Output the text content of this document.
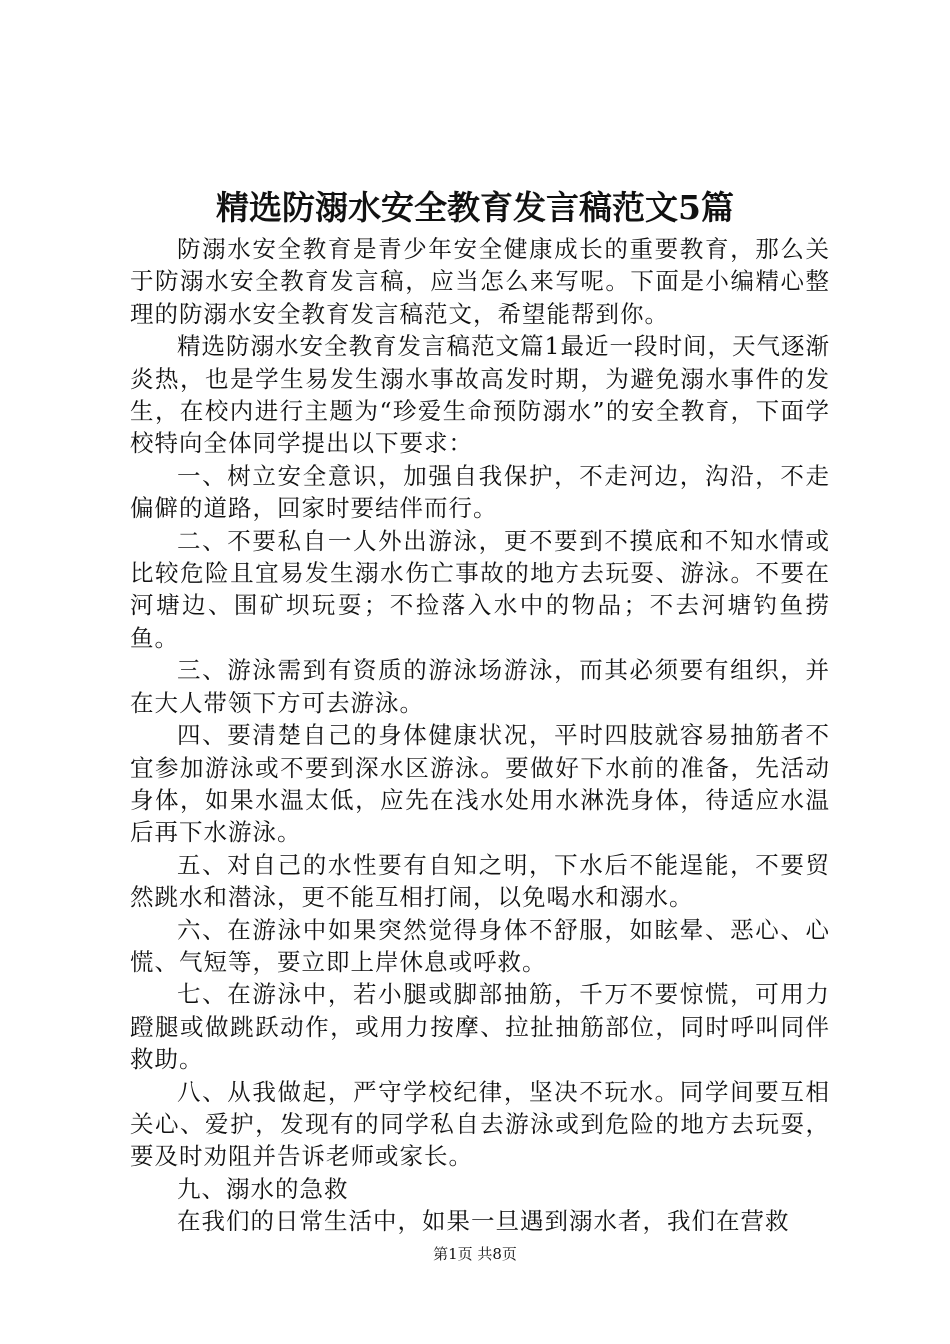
精选防溺水安全教育发言稿范文5篇

防溺水安全教育是青少年安全健康成长的重要教育，那么关于防溺水安全教育发言稿，应当怎么来写呢。下面是小编精心整理的防溺水安全教育发言稿范文，希望能帮到你。

精选防溺水安全教育发言稿范文篇1最近一段时间，天气逐渐炎热，也是学生易发生溺水事故高发时期，为避免溺水事件的发生，在校内进行主题为“珍爱生命预防溺水”的安全教育，下面学校特向全体同学提出以下要求：

一、树立安全意识，加强自我保护，不走河边，沟沿，不走偏僻的道路，回家时要结伴而行。

二、不要私自一人外出游泳，更不要到不摸底和不知水情或比较危险且宜易发生溺水伤亡事故的地方去玩耍、游泳。不要在河塘边、围矿坝玩耍；不捡落入水中的物品；不去河塘钓鱼捞鱼。

三、游泳需到有资质的游泳场游泳，而其必须要有组织，并在大人带领下方可去游泳。

四、要清楚自己的身体健康状况，平时四肢就容易抽筋者不宜参加游泳或不要到深水区游泳。要做好下水前的准备，先活动身体，如果水温太低，应先在浅水处用水淋洗身体，待适应水温后再下水游泳。

五、对自己的水性要有自知之明，下水后不能逞能，不要贸然跳水和潜泳，更不能互相打闹，以免喝水和溺水。

六、在游泳中如果突然觉得身体不舒服，如眩晕、恶心、心慌、气短等，要立即上岸休息或呼救。

七、在游泳中，若小腿或脚部抽筋，千万不要惊慌，可用力蹬腿或做跳跃动作，或用力按摩、拉扯抽筋部位，同时呼叫同伴救助。

八、从我做起，严守学校纪律，坚决不玩水。同学间要互相关心、爱护，发现有的同学私自去游泳或到危险的地方去玩耍，要及时劝阻并告诉老师或家长。

九、溺水的急救

在我们的日常生活中，如果一旦遇到溺水者，我们在营救

第1页 共8页
